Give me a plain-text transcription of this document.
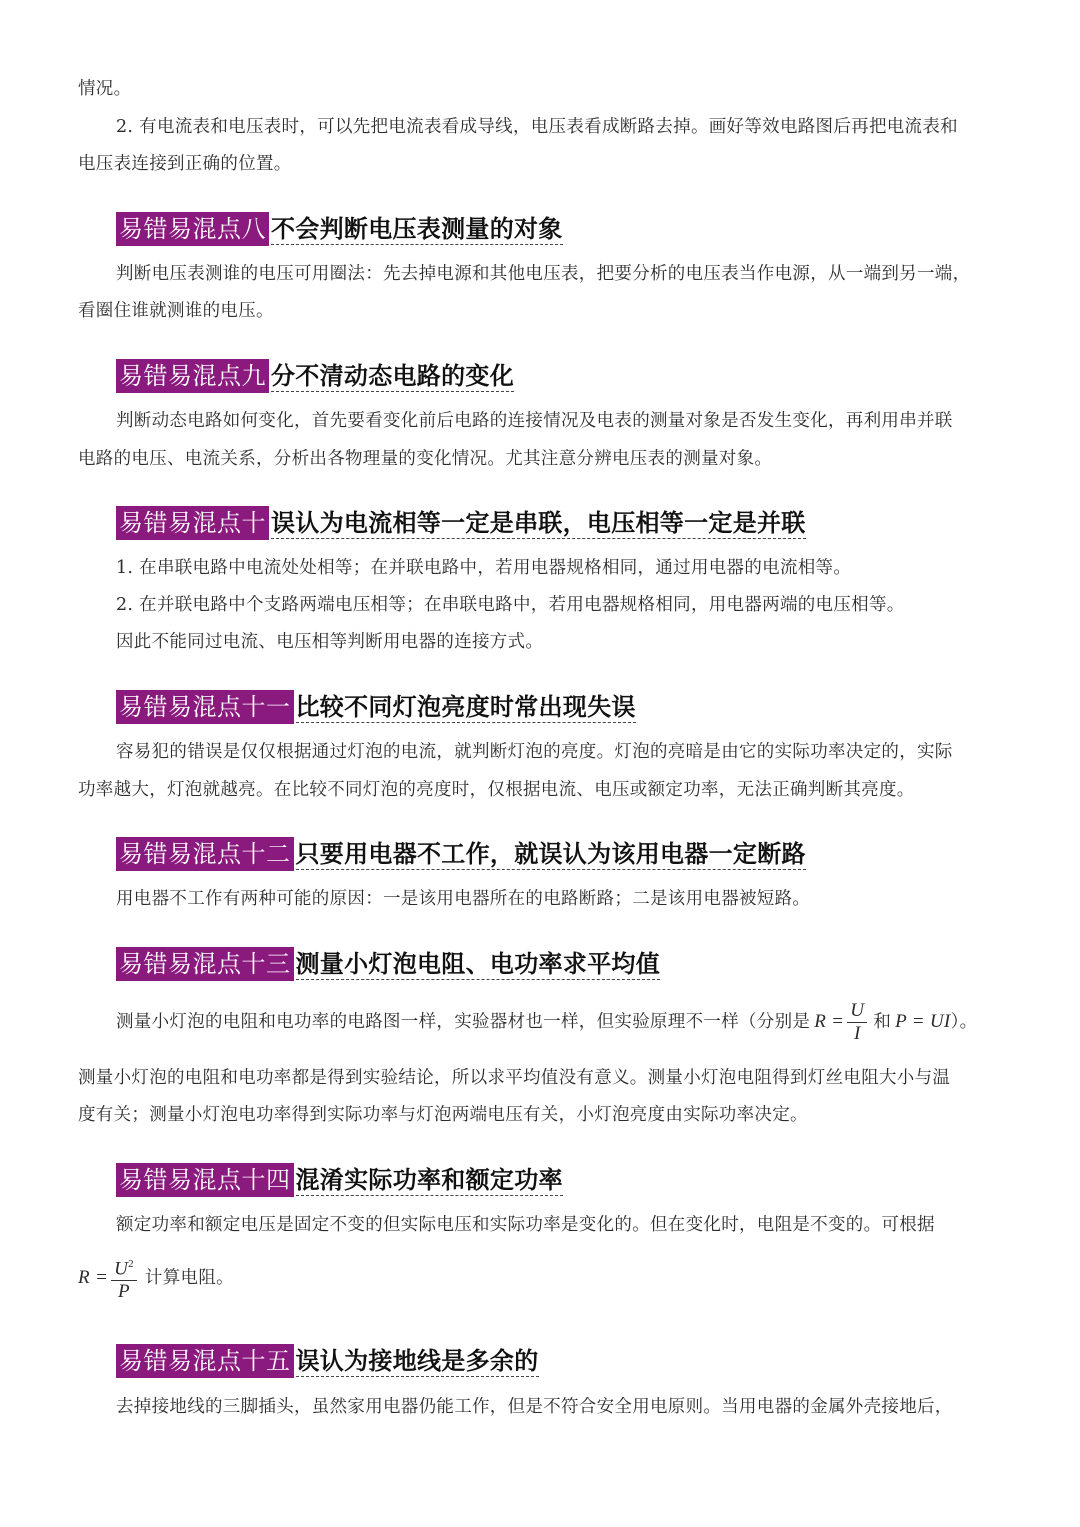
情况。
2. 有电流表和电压表时，可以先把电流表看成导线，电压表看成断路去掉。画好等效电路图后再把电流表和
电压表连接到正确的位置。
易错易混点八 不会判断电压表测量的对象
判断电压表测谁的电压可用圈法：先去掉电源和其他电压表，把要分析的电压表当作电源，从一端到另一端，
看圈住谁就测谁的电压。
易错易混点九 分不清动态电路的变化
判断动态电路如何变化，首先要看变化前后电路的连接情况及电表的测量对象是否发生变化，再利用串并联
电路的电压、电流关系，分析出各物理量的变化情况。尤其注意分辨电压表的测量对象。
易错易混点十 误认为电流相等一定是串联，电压相等一定是并联
1. 在串联电路中电流处处相等；在并联电路中，若用电器规格相同，通过用电器的电流相等。
2. 在并联电路中个支路两端电压相等；在串联电路中，若用电器规格相同，用电器两端的电压相等。
因此不能同过电流、电压相等判断用电器的连接方式。
易错易混点十一 比较不同灯泡亮度时常出现失误
容易犯的错误是仅仅根据通过灯泡的电流，就判断灯泡的亮度。灯泡的亮暗是由它的实际功率决定的，实际
功率越大，灯泡就越亮。在比较不同灯泡的亮度时，仅根据电流、电压或额定功率，无法正确判断其亮度。
易错易混点十二 只要用电器不工作，就误认为该用电器一定断路
用电器不工作有两种可能的原因：一是该用电器所在的电路断路；二是该用电器被短路。
易错易混点十三 测量小灯泡电阻、电功率求平均值
测量小灯泡的电阻和电功率的电路图一样，实验器材也一样，但实验原理不一样（分别是 $R = \frac{U}{I}$ 和 P = UI ）。
测量小灯泡的电阻和电功率都是得到实验结论，所以求平均值没有意义。测量小灯泡电阻得到灯丝电阻大小与温
度有关；测量小灯泡电功率得到实际功率与灯泡两端电压有关，小灯泡亮度由实际功率决定。
易错易混点十四 混淆实际功率和额定功率
额定功率和额定电压是固定不变的但实际电压和实际功率是变化的。但在变化时，电阻是不变的。可根据
$R = \frac{U^2}{P}$ 计算电阻。
易错易混点十五 误认为接地线是多余的
去掉接地线的三脚插头，虽然家用电器仍能工作，但是不符合安全用电原则。当用电器的金属外壳接地后，
